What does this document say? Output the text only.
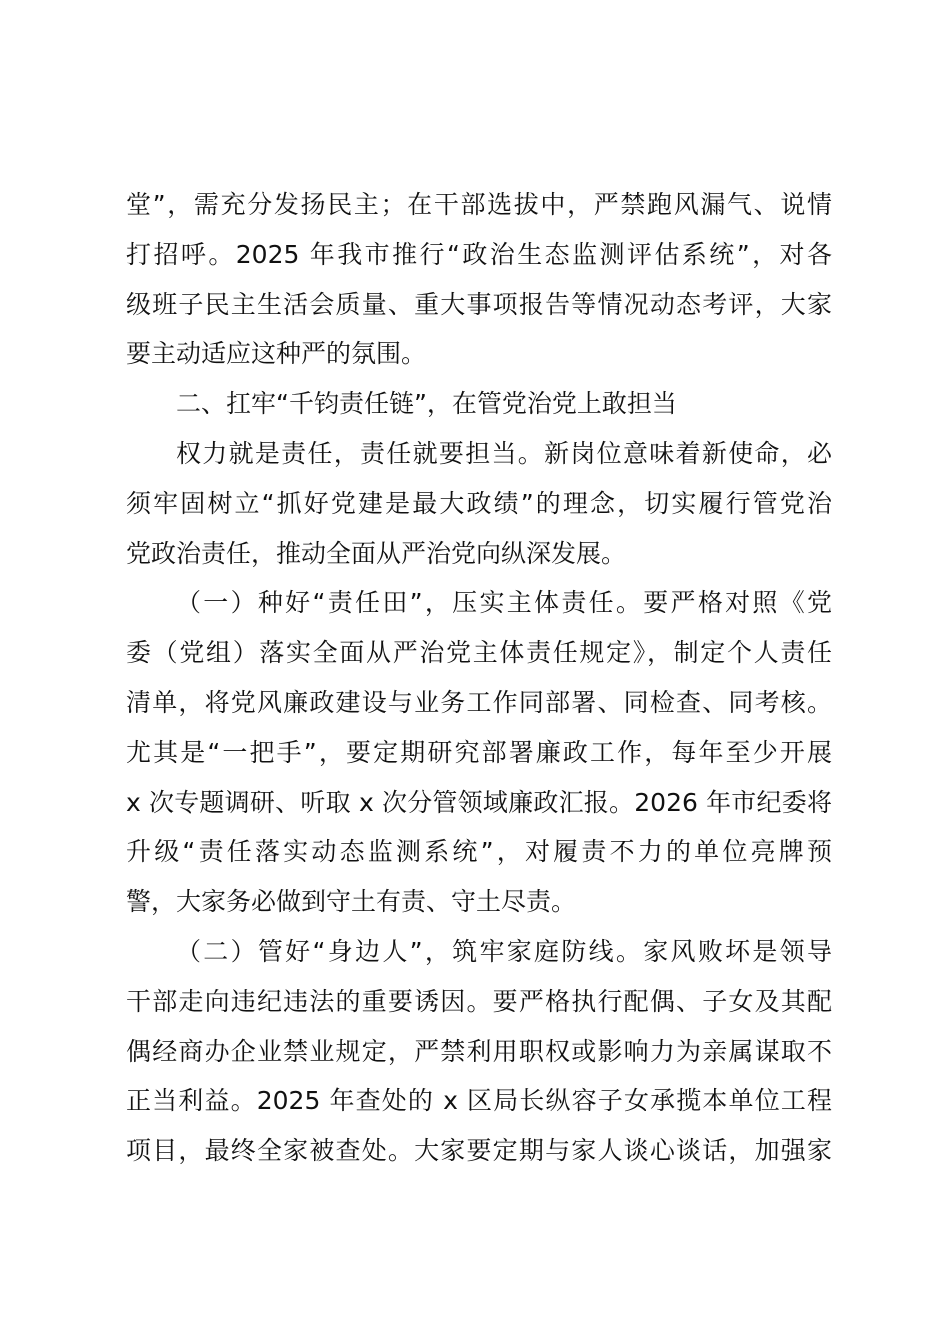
堂”，需充分发扬民主；在干部选拔中，严禁跑风漏气、说情
打招呼。2025 年我市推行“政治生态监测评估系统”，对各
级班子民主生活会质量、重大事项报告等情况动态考评，大家
要主动适应这种严的氛围。
二、扛牢“千钧责任链”，在管党治党上敢担当
权力就是责任，责任就要担当。新岗位意味着新使命，必
须牢固树立“抓好党建是最大政绩”的理念，切实履行管党治
党政治责任，推动全面从严治党向纵深发展。
（一）种好“责任田”，压实主体责任。要严格对照《党
委（党组）落实全面从严治党主体责任规定》，制定个人责任
清单，将党风廉政建设与业务工作同部署、同检查、同考核。
尤其是“一把手”，要定期研究部署廉政工作，每年至少开展
x 次专题调研、听取 x 次分管领域廉政汇报。2026 年市纪委将
升级“责任落实动态监测系统”，对履责不力的单位亮牌预
警，大家务必做到守土有责、守土尽责。
（二）管好“身边人”，筑牢家庭防线。家风败坏是领导
干部走向违纪违法的重要诱因。要严格执行配偶、子女及其配
偶经商办企业禁业规定，严禁利用职权或影响力为亲属谋取不
正当利益。2025 年查处的 x 区局长纵容子女承揽本单位工程
项目，最终全家被查处。大家要定期与家人谈心谈话，加强家
